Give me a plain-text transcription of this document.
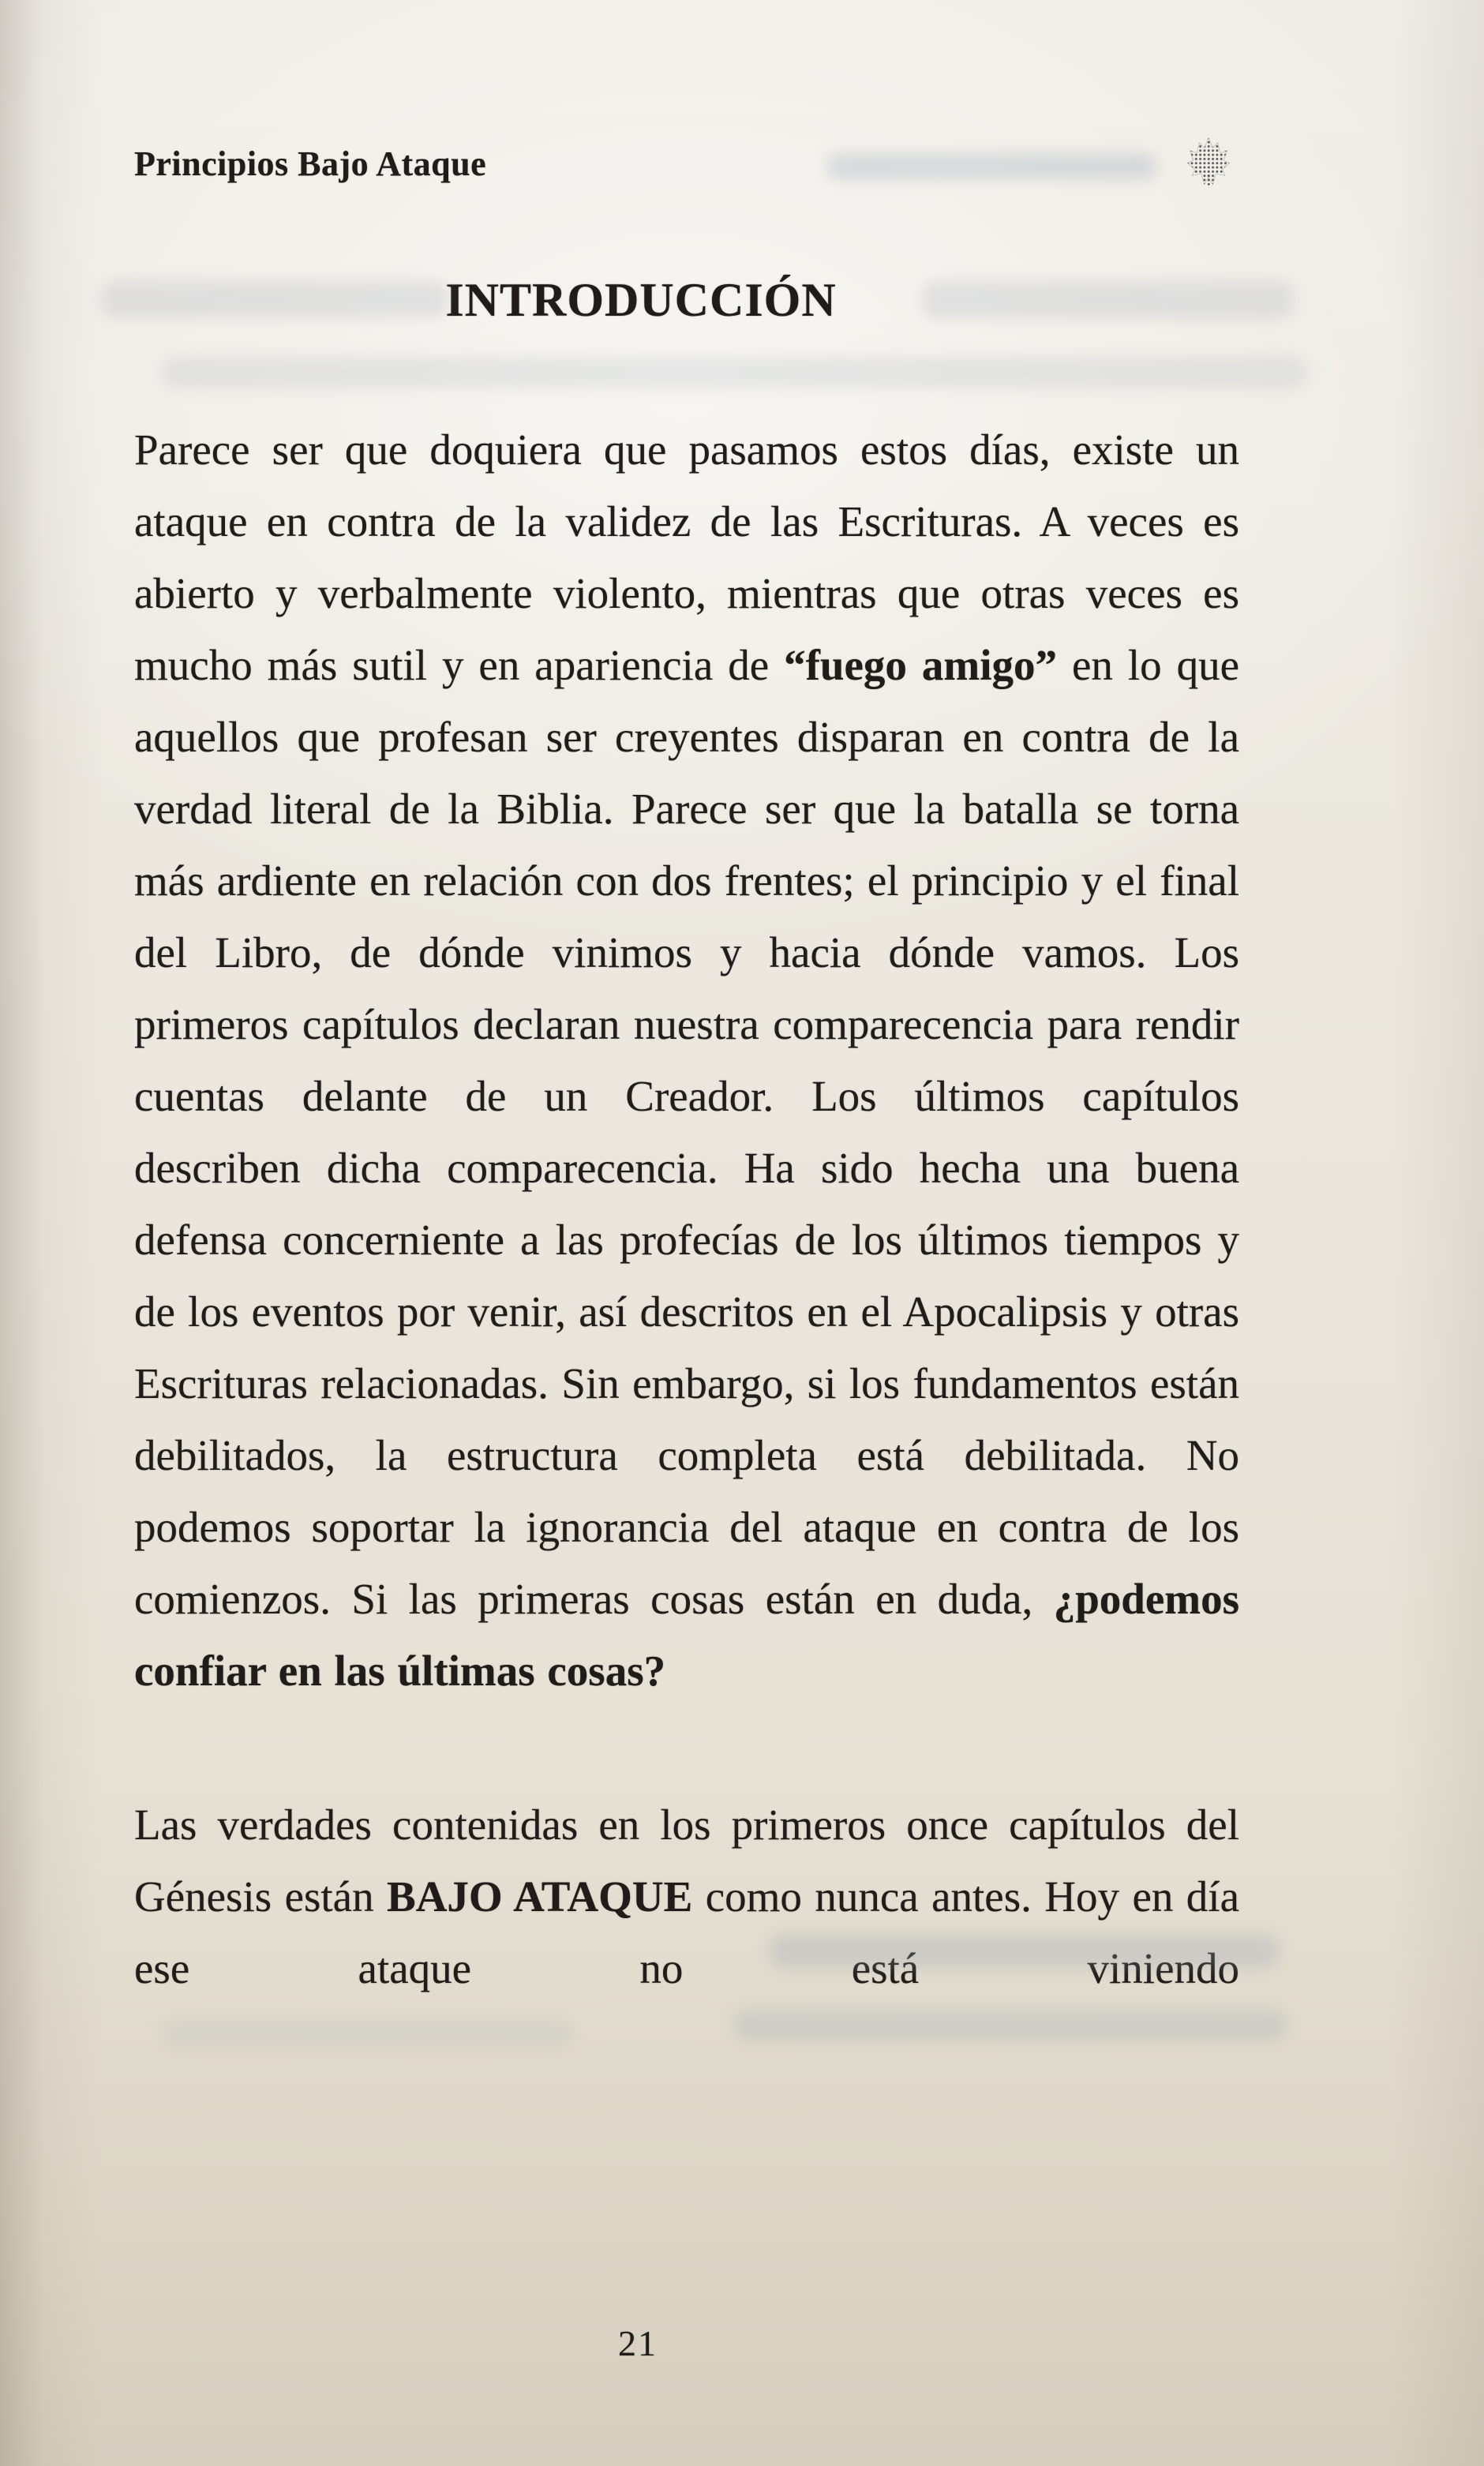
Principios Bajo Ataque
INTRODUCCIÓN

Parece ser que doquiera que pasamos estos días, existe un ataque en contra de la validez de las Escrituras. A veces es abierto y verbalmente violento, mientras que otras veces es mucho más sutil y en apariencia de “fuego amigo” en lo que aquellos que profesan ser creyentes disparan en contra de la verdad literal de la Biblia. Parece ser que la batalla se torna más ardiente en relación con dos frentes; el principio y el final del Libro, de dónde vinimos y hacia dónde vamos. Los primeros capítulos declaran nuestra comparecencia para rendir cuentas delante de un Creador. Los últimos capítulos describen dicha comparecencia. Ha sido hecha una buena defensa concerniente a las profecías de los últimos tiempos y de los eventos por venir, así descritos en el Apocalipsis y otras Escrituras relacionadas. Sin embargo, si los fundamentos están debilitados, la estructura completa está debilitada. No podemos soportar la ignorancia del ataque en contra de los comienzos. Si las primeras cosas están en duda, ¿podemos confiar en las últimas cosas?

Las verdades contenidas en los primeros once capítulos del Génesis están BAJO ATAQUE como nunca antes. Hoy en día ese ataque no está viniendo

21
